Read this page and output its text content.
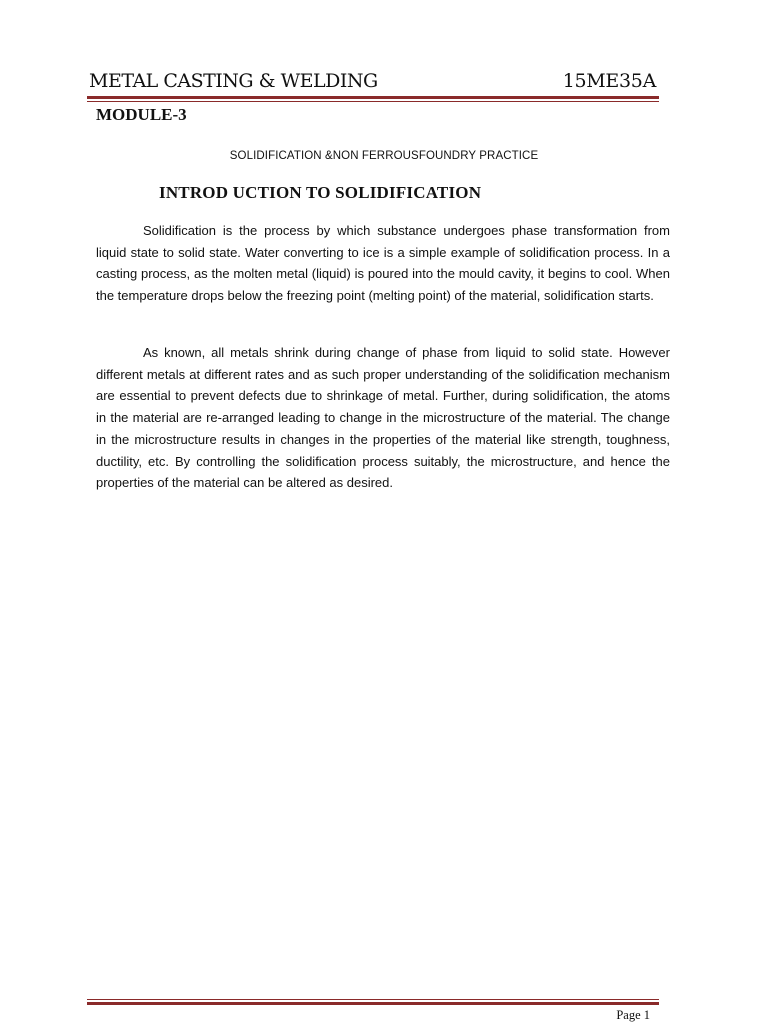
METAL CASTING & WELDING	15ME35A
MODULE-3
SOLIDIFICATION &NON FERROUSFOUNDRY PRACTICE
INTROD UCTION TO SOLIDIFICATION

Solidification is the process by which substance undergoes phase transformation from liquid state to solid state. Water converting to ice is a simple example of solidification process. In a casting process, as the molten metal (liquid) is poured into the mould cavity, it begins to cool. When the temperature drops below the freezing point (melting point) of the material, solidification starts.

As known, all metals shrink during change of phase from liquid to solid state. However different metals at different rates and as such proper understanding of the solidification mechanism are essential to prevent defects due to shrinkage of metal. Further, during solidification, the atoms in the material are re-arranged leading to change in the microstructure of the material. The change in the microstructure results in changes in the properties of the material like strength, toughness, ductility, etc. By controlling the solidification process suitably, the microstructure, and hence the properties of the material can be altered as desired.

Page 1
